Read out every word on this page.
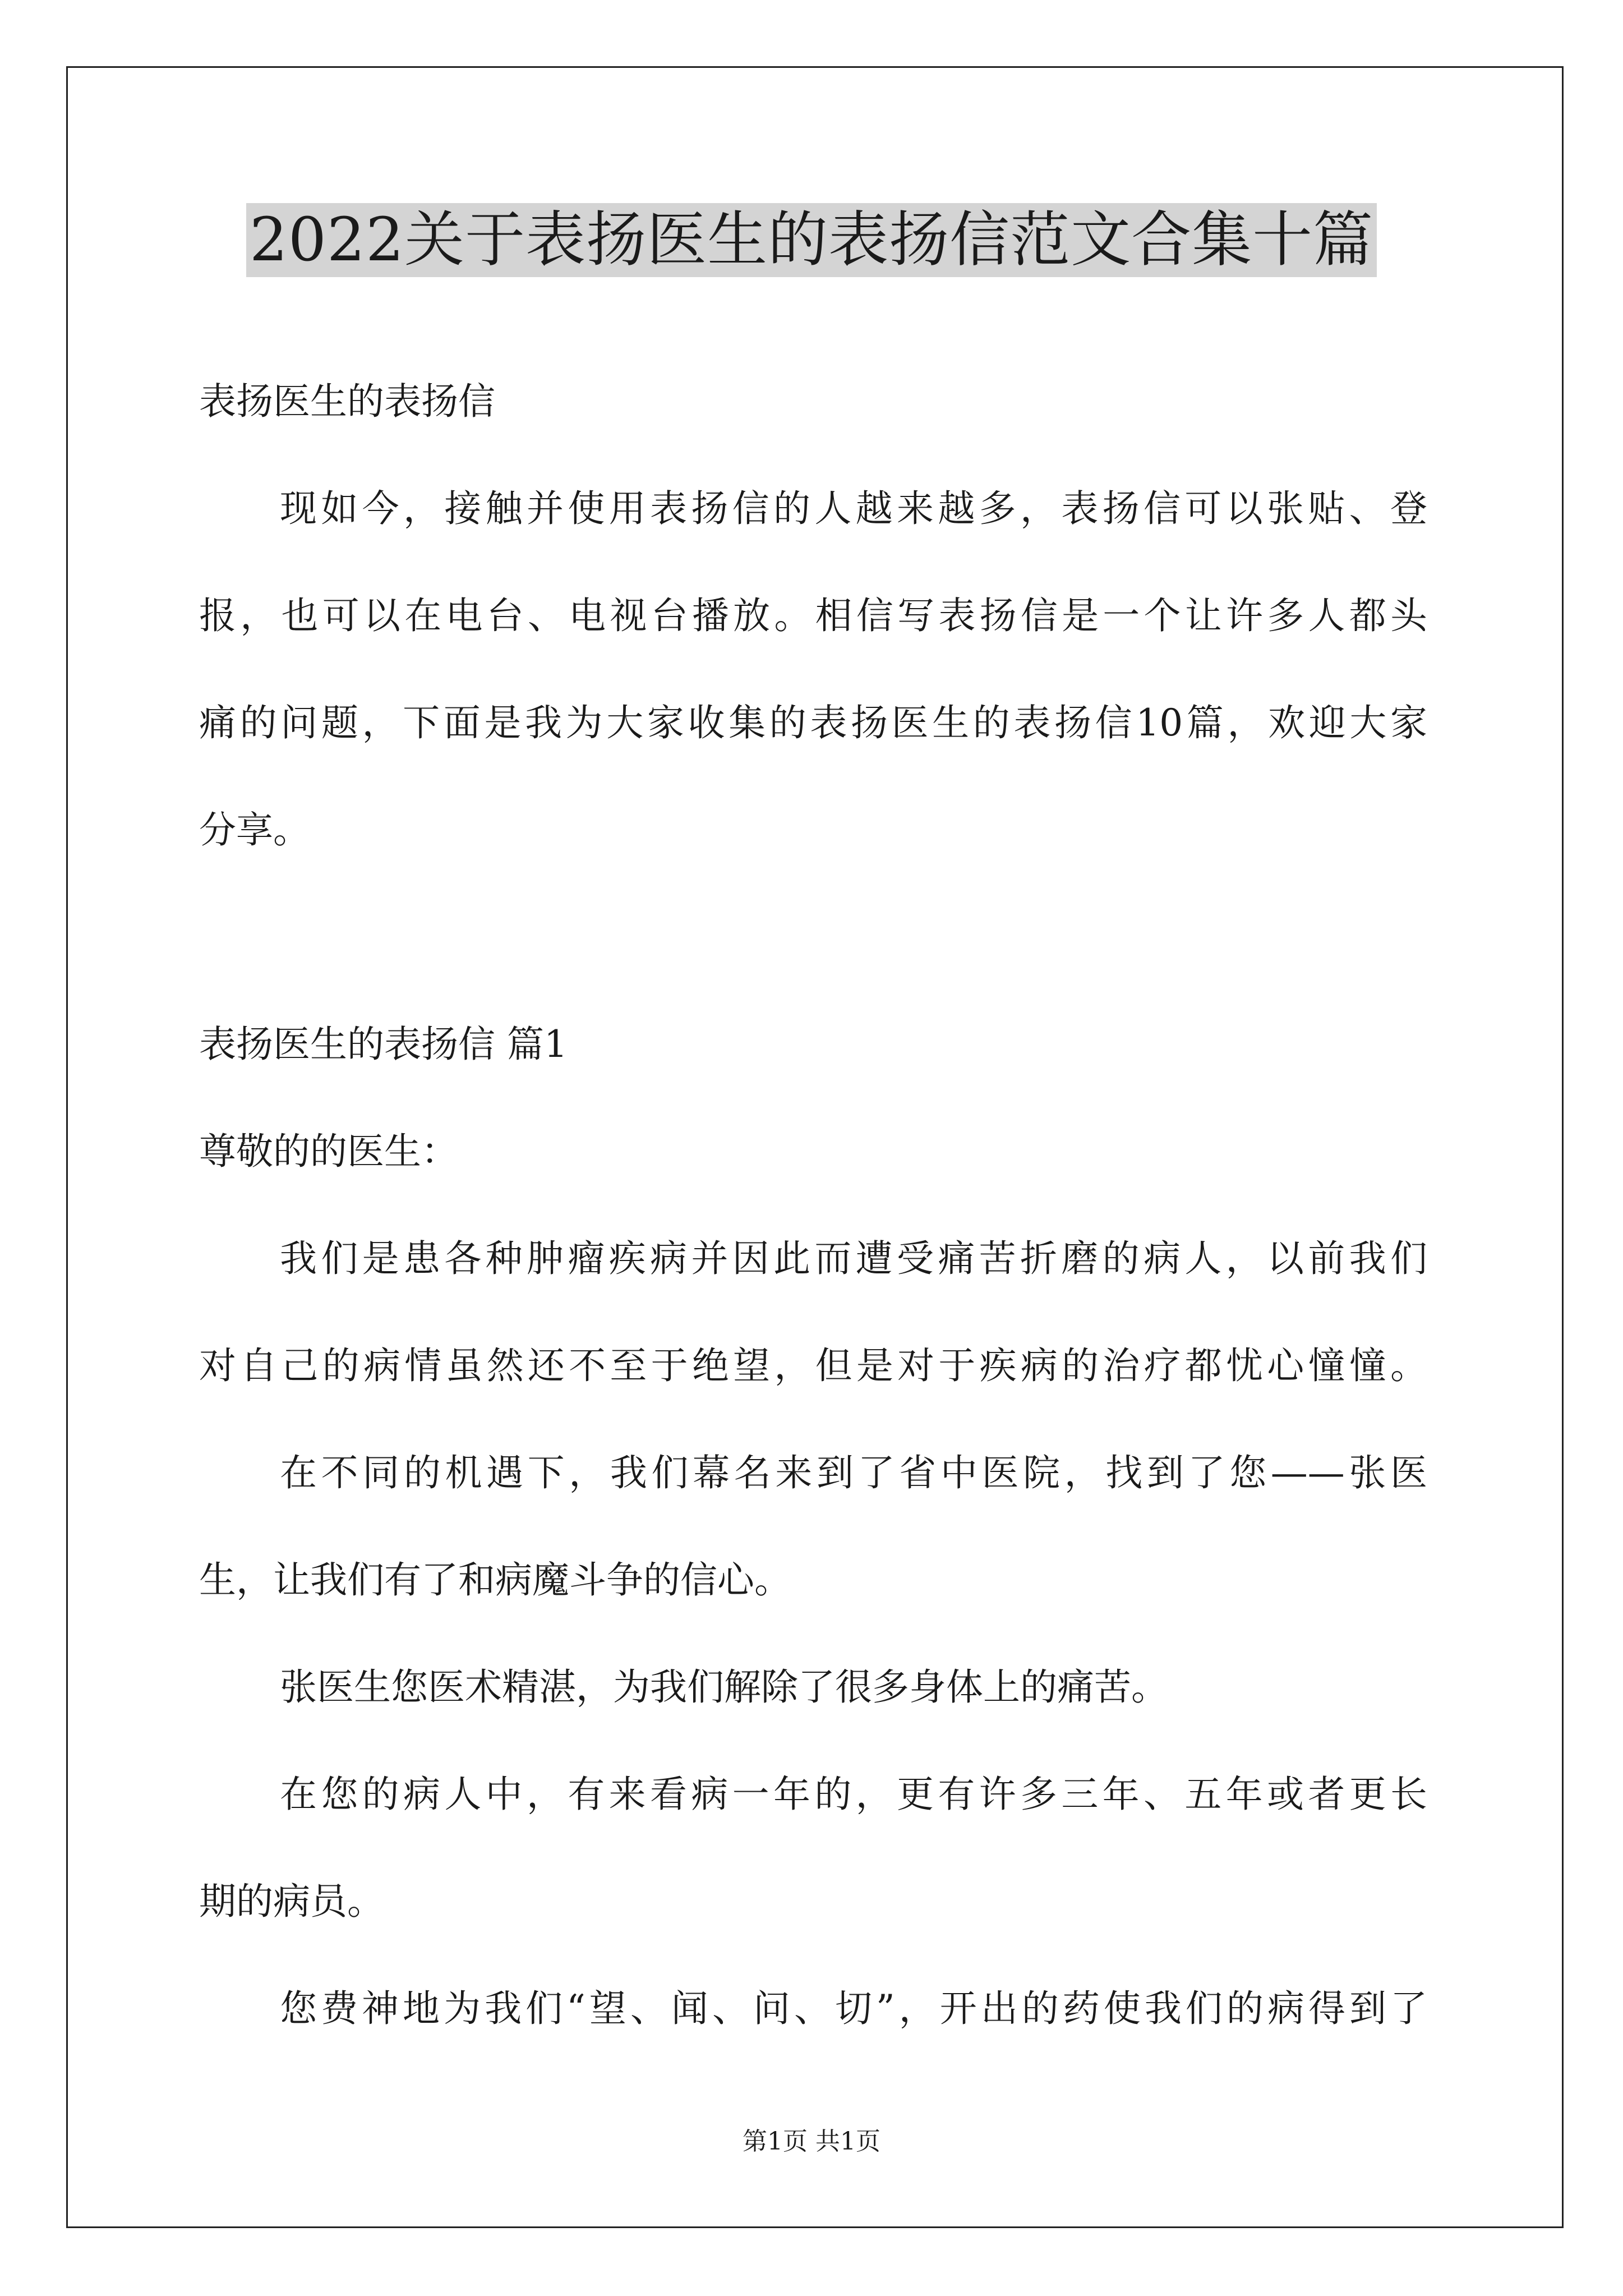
2022关于表扬医生的表扬信范文合集十篇

表扬医生的表扬信

现如今，接触并使用表扬信的人越来越多，表扬信可以张贴、登

报，也可以在电台、电视台播放。相信写表扬信是一个让许多人都头

痛的问题，下面是我为大家收集的表扬医生的表扬信10篇，欢迎大家

分享。

表扬医生的表扬信 篇1

尊敬的的医生：

我们是患各种肿瘤疾病并因此而遭受痛苦折磨的病人，以前我们

对自己的病情虽然还不至于绝望，但是对于疾病的治疗都忧心憧憧。

在不同的机遇下，我们幕名来到了省中医院，找到了您——张医

生，让我们有了和病魔斗争的信心。

张医生您医术精湛，为我们解除了很多身体上的痛苦。

在您的病人中，有来看病一年的，更有许多三年、五年或者更长

期的病员。

您费神地为我们“望、闻、问、切”，开出的药使我们的病得到了

第1页 共1页
